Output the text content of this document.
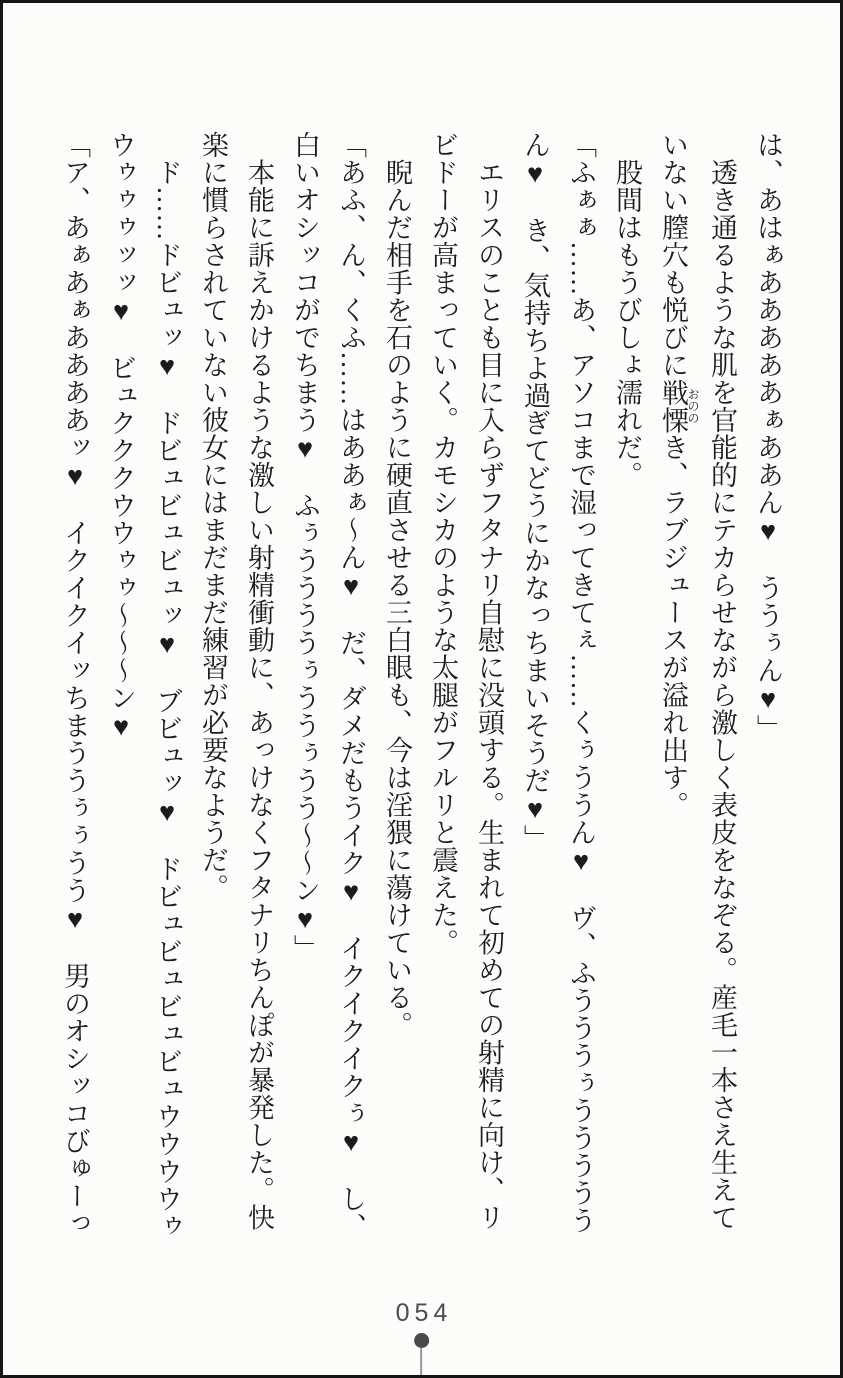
は、あはぁあああああぁああん♥　ううぅん♥」

　透き通るような肌を官能的にテカらせながら激しく表皮をなぞる。産毛一本さえ生えて

いない膣穴も悦びに戦慄おののき、ラブジュースが溢れ出す。

　股間はもうびしょ濡れだ。

「ふぁぁ……あ、アソコまで湿ってきてぇ……くぅううん♥　ヴ、ふうううぅううううう

ん♥　き、気持ちよ過ぎてどうにかなっちまいそうだ♥」

　エリスのことも目に入らずフタナリ自慰に没頭する。生まれて初めての射精に向け、リ

ビドーが高まっていく。カモシカのような太腿がフルリと震えた。

　睨んだ相手を石のように硬直させる三白眼も、今は淫猥に蕩けている。

「あふ、ん、くふ……はああぁ〜ん♥　だ、ダメだもうイク♥　イクイクイクぅ♥　し、

白いオシッコがでちまう♥　ふぅううううぅううぅうう〜〜ン♥」

　本能に訴えかけるような激しい射精衝動に、あっけなくフタナリちんぽが暴発した。快

楽に慣らされていない彼女にはまだまだ練習が必要なようだ。

　ド……ドビュッ♥　ドビュビュビュッ♥　ブビュッ♥　ドビュビュビュビュウウウウゥ

ウゥゥゥッッ♥　ビュクククウウゥゥ〜〜〜ン♥

「ア、あぁあぁああああッ♥　イクイクイッちまううぅぅうう♥　男のオシッコびゅーっ

054
